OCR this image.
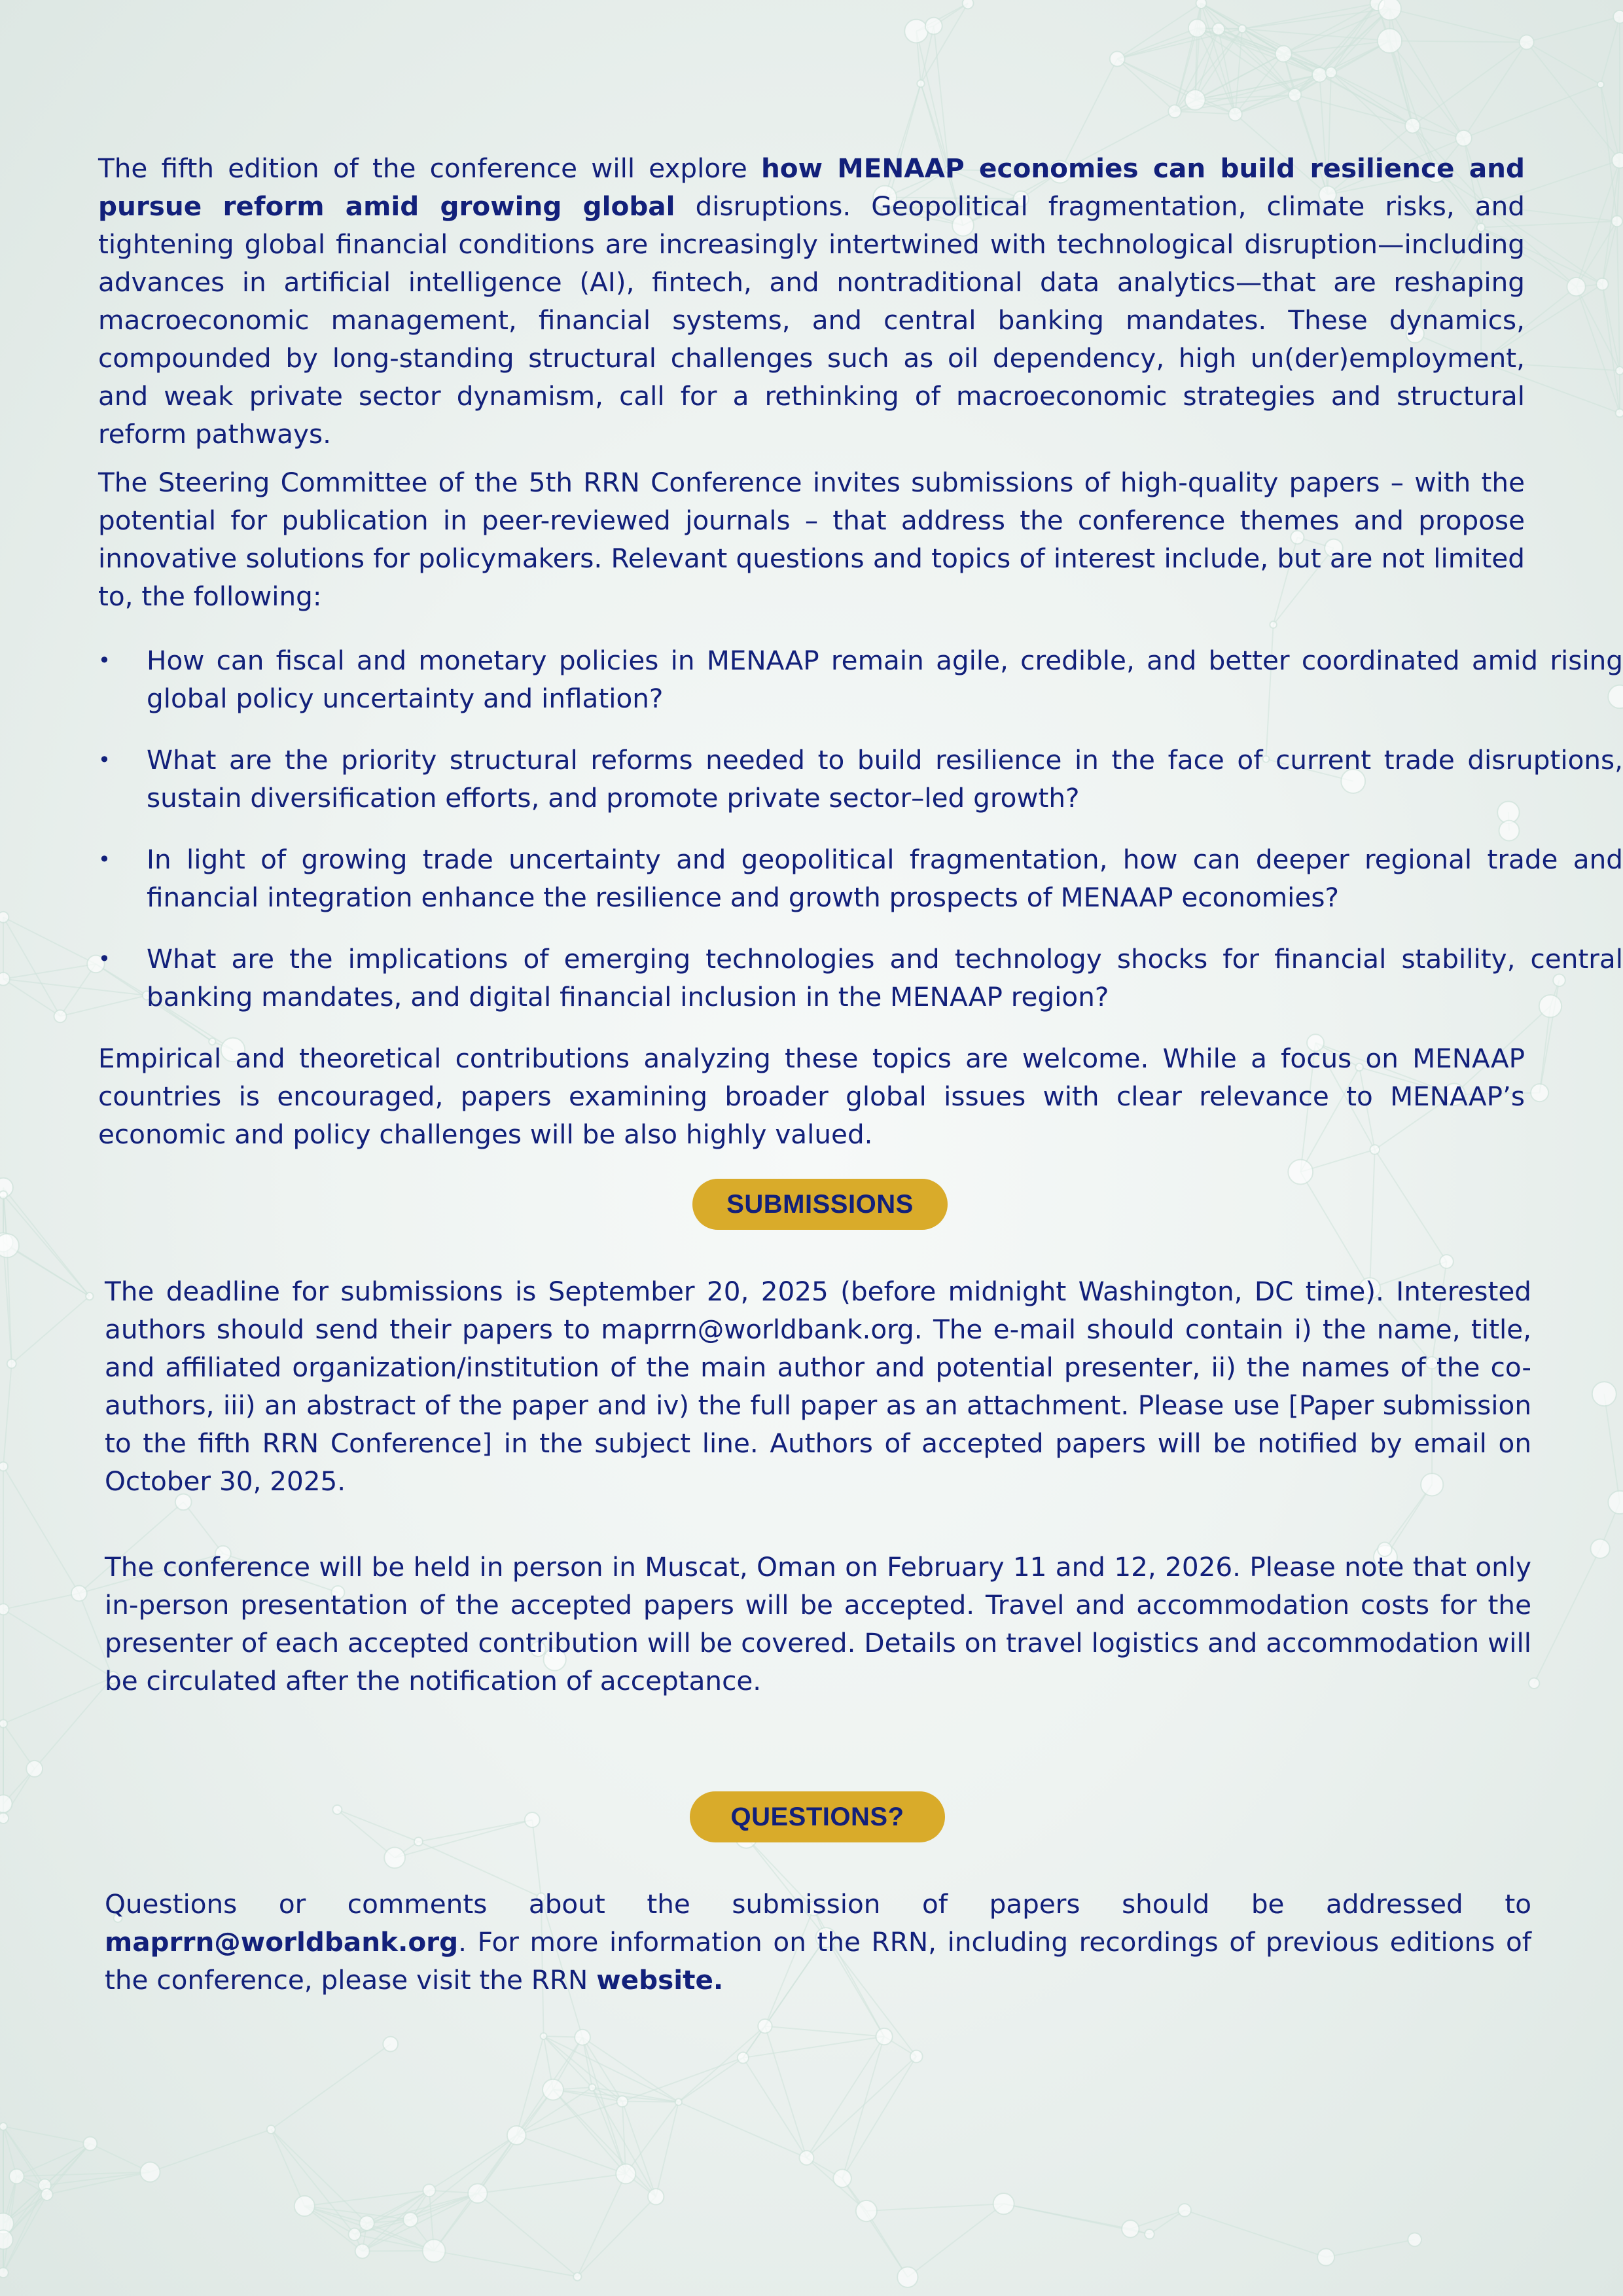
The fifth edition of the conference will explore how MENAAP economies can build resilience and pursue reform amid growing global disruptions. Geopolitical fragmentation, climate risks, and tightening global financial conditions are increasingly intertwined with technological disruption—including advances in artificial intelligence (AI), fintech, and nontraditional data analytics—that are reshaping macroeconomic management, financial systems, and central banking mandates. These dynamics, compounded by long-standing structural challenges such as oil dependency, high un(der)employment, and weak private sector dynamism, call for a rethinking of macroeconomic strategies and structural reform pathways.

The Steering Committee of the 5th RRN Conference invites submissions of high-quality papers – with the potential for publication in peer-reviewed journals – that address the conference themes and propose innovative solutions for policymakers. Relevant questions and topics of interest include, but are not limited to, the following:

•	How can fiscal and monetary policies in MENAAP remain agile, credible, and better coordinated amid rising global policy uncertainty and inflation?
•	What are the priority structural reforms needed to build resilience in the face of current trade disruptions, sustain diversification efforts, and promote private sector–led growth?
•	In light of growing trade uncertainty and geopolitical fragmentation, how can deeper regional trade and financial integration enhance the resilience and growth prospects of MENAAP economies?
•	What are the implications of emerging technologies and technology shocks for financial stability, central banking mandates, and digital financial inclusion in the MENAAP region?

Empirical and theoretical contributions analyzing these topics are welcome. While a focus on MENAAP countries is encouraged, papers examining broader global issues with clear relevance to MENAAP’s economic and policy challenges will be also highly valued.

SUBMISSIONS

The deadline for submissions is September 20, 2025 (before midnight Washington, DC time). Interested authors should send their papers to maprrn@worldbank.org. The e-mail should contain i) the name, title, and affiliated organization/institution of the main author and potential presenter, ii) the names of the co-authors, iii) an abstract of the paper and iv) the full paper as an attachment. Please use [Paper submission to the fifth RRN Conference] in the subject line. Authors of accepted papers will be notified by email on October 30, 2025.

The conference will be held in person in Muscat, Oman on February 11 and 12, 2026. Please note that only in-person presentation of the accepted papers will be accepted. Travel and accommodation costs for the presenter of each accepted contribution will be covered. Details on travel logistics and accommodation will be circulated after the notification of acceptance.

QUESTIONS?

Questions or comments about the submission of papers should be addressed to maprrn@worldbank.org. For more information on the RRN, including recordings of previous editions of the conference, please visit the RRN website.
